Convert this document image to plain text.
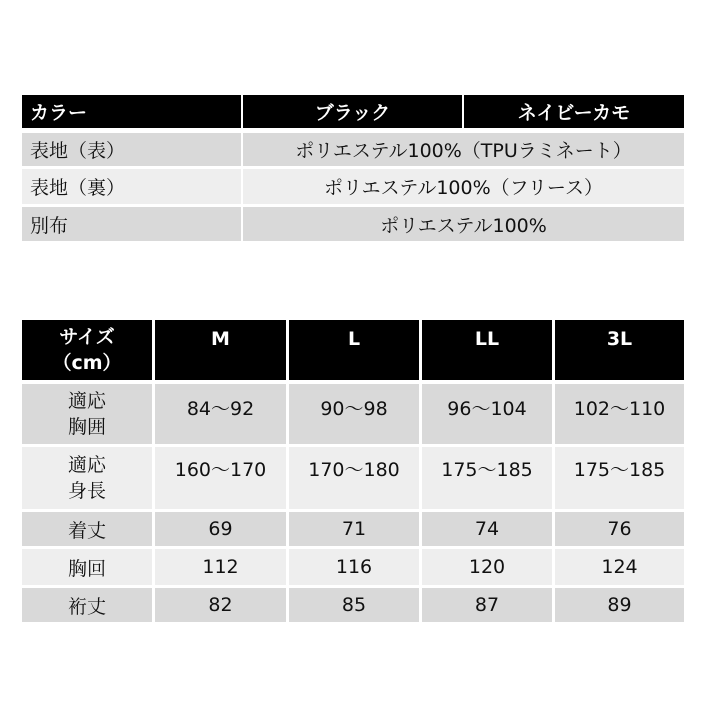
カラー	ブラック	ネイビーカモ
表地（表）	ポリエステル100%（TPUラミネート）
表地（裏）	ポリエステル100%（フリース）
別布	ポリエステル100%
サイズ
（cm）
M	L	LL	3L
適応
胸囲
84～92	90～98	96～104	102～110
適応
身長
160～170	170～180	175～185	175～185
着丈	69	71	74	76
胸回	112	116	120	124
裄丈	82	85	87	89
